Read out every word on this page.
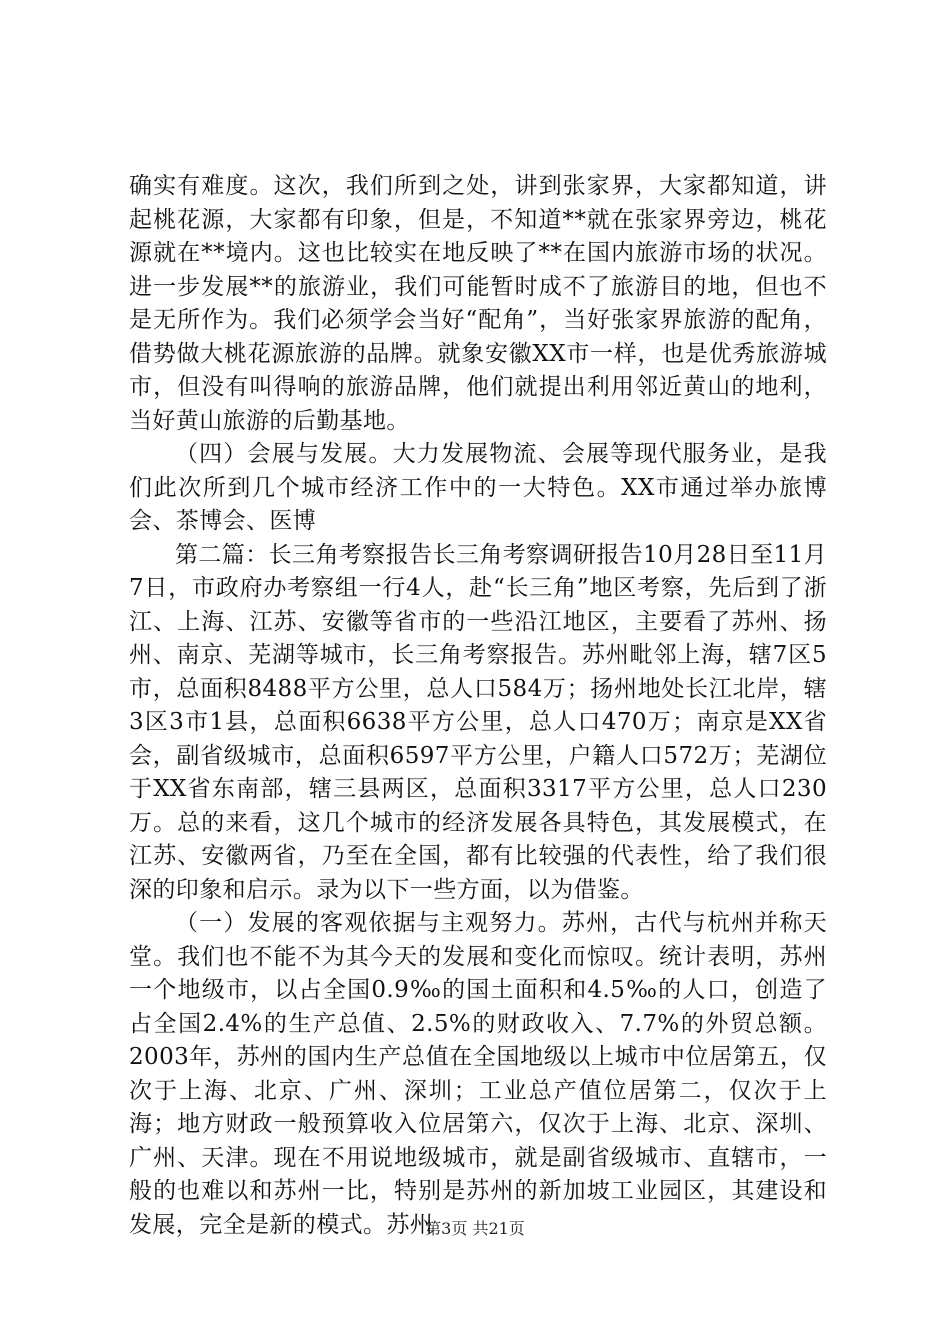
确实有难度。这次，我们所到之处，讲到张家界，大家都知道，讲起桃花源，大家都有印象，但是，不知道**就在张家界旁边，桃花源就在**境内。这也比较实在地反映了**在国内旅游市场的状况。进一步发展**的旅游业，我们可能暂时成不了旅游目的地，但也不是无所作为。我们必须学会当好“配角”，当好张家界旅游的配角，借势做大桃花源旅游的品牌。就象安徽XX市一样，也是优秀旅游城市，但没有叫得响的旅游品牌，他们就提出利用邻近黄山的地利，当好黄山旅游的后勤基地。

（四）会展与发展。大力发展物流、会展等现代服务业，是我们此次所到几个城市经济工作中的一大特色。XX市通过举办旅博会、茶博会、医博

第二篇：长三角考察报告长三角考察调研报告10月28日至11月7日，市政府办考察组一行4人，赴“长三角”地区考察，先后到了浙江、上海、江苏、安徽等省市的一些沿江地区，主要看了苏州、扬州、南京、芜湖等城市，长三角考察报告。苏州毗邻上海，辖7区5市，总面积8488平方公里，总人口584万；扬州地处长江北岸，辖3区3市1县，总面积6638平方公里，总人口470万；南京是XX省会，副省级城市，总面积6597平方公里，户籍人口572万；芜湖位于XX省东南部，辖三县两区，总面积3317平方公里，总人口230万。总的来看，这几个城市的经济发展各具特色，其发展模式，在江苏、安徽两省，乃至在全国，都有比较强的代表性，给了我们很深的印象和启示。录为以下一些方面，以为借鉴。

（一）发展的客观依据与主观努力。苏州，古代与杭州并称天堂。我们也不能不为其今天的发展和变化而惊叹。统计表明，苏州一个地级市，以占全国0.9‰的国土面积和4.5‰的人口，创造了占全国2.4%的生产总值、2.5%的财政收入、7.7%的外贸总额。2003年，苏州的国内生产总值在全国地级以上城市中位居第五，仅次于上海、北京、广州、深圳；工业总产值位居第二，仅次于上海；地方财政一般预算收入位居第六，仅次于上海、北京、深圳、广州、天津。现在不用说地级城市，就是副省级城市、直辖市，一般的也难以和苏州一比，特别是苏州的新加坡工业园区，其建设和发展，完全是新的模式。苏州

第3页 共21页
